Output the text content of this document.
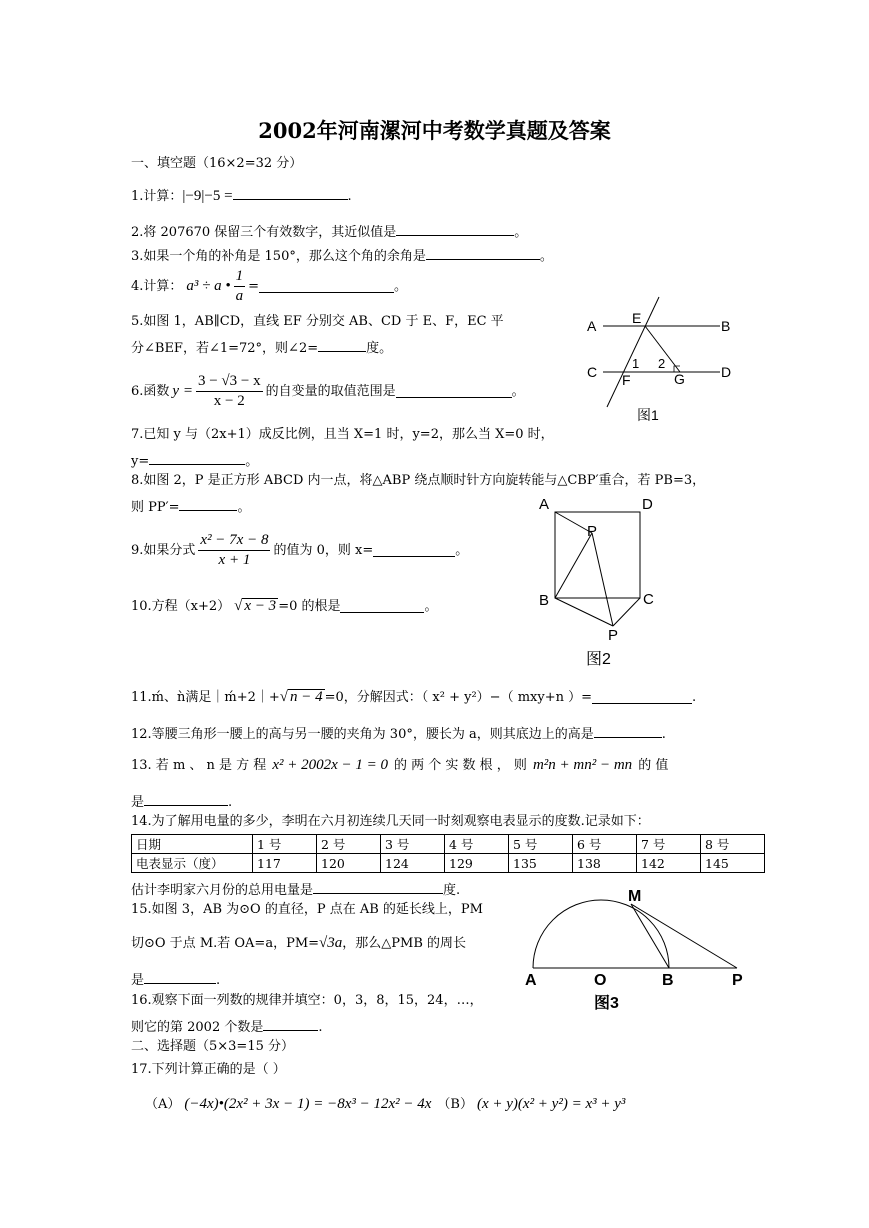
2002年河南漯河中考数学真题及答案
一、填空题（16×2=32 分）
1.计算：|−9|−5 =	.
2.将 207670 保留三个有效数字，其近似值是	。
3.如果一个角的补角是 150°，那么这个角的余角是	。
4.计算： a³ ÷ a • $\frac{1}{a}$ =	。
5.如图 1，AB∥CD，直线 EF 分别交 AB、CD 于 E、F，EC 平
分∠BEF，若∠1=72°，则∠2=	度。
6.函数 $y = \frac{3 - √3 - x}{x - 2}$ 的自变量的取值范围是	。
7.已知 y 与（2x+1）成反比例，且当 X=1 时，y=2，那么当 X=0 时，
y=	。
8.如图 2，P 是正方形 ABCD 内一点，将△ABP 绕点顺时针方向旋转能与△CBP′重合，若 PB=3，
则 PP′=	。
9.如果分式 $\frac{\text{x² − 7x − 8}}{x + 1}$ 的值为 0，则 x=	。
10.方程（x+2） √ x − 3 =0 的根是	。
11.ḿ、ǹ满足｜ḿ+2｜+ √ n − 4 =0，分解因式：（ x² + y²）−（ mxy+n ）=	.
12.等腰三角形一腰上的高与另一腰的夹角为 30°，腰长为 a，则其底边上的高是	.
13. 若 m 、 n 是 方 程 x² + 2002x − 1 = 0 的 两 个 实 数 根 ， 则 m²n + mn² − mn 的 值
是	.
14.为了解用电量的多少，李明在六月初连续几天同一时刻观察电表显示的度数.记录如下：
日期	1 号	2 号	3 号	4 号	5 号	6 号	7 号	8 号
电表显示（度）	117	120	124	129	135	138	142	145
估计李明家六月份的总用电量是	度.
15.如图 3，AB 为⊙O 的直径，P 点在 AB 的延长线上，PM
切⊙O 于点 M.若 OA=a，PM= √3a ，那么△PMB 的周长
是	.
16.观察下面一列数的规律并填空：0，3，8，15，24，…，
则它的第 2002 个数是	.
二、选择题（5×3=15 分）
17.下列计算正确的是（ ）
（A） (−4x)•(2x² + 3x − 1) = −8x³ − 12x² − 4x （B） (x + y)(x² + y²) = x³ + y³
A	E	B
C
1 2
F	G	D
图1
A	D
P
B	C
P
图2
M
A	O	B	P
图3
